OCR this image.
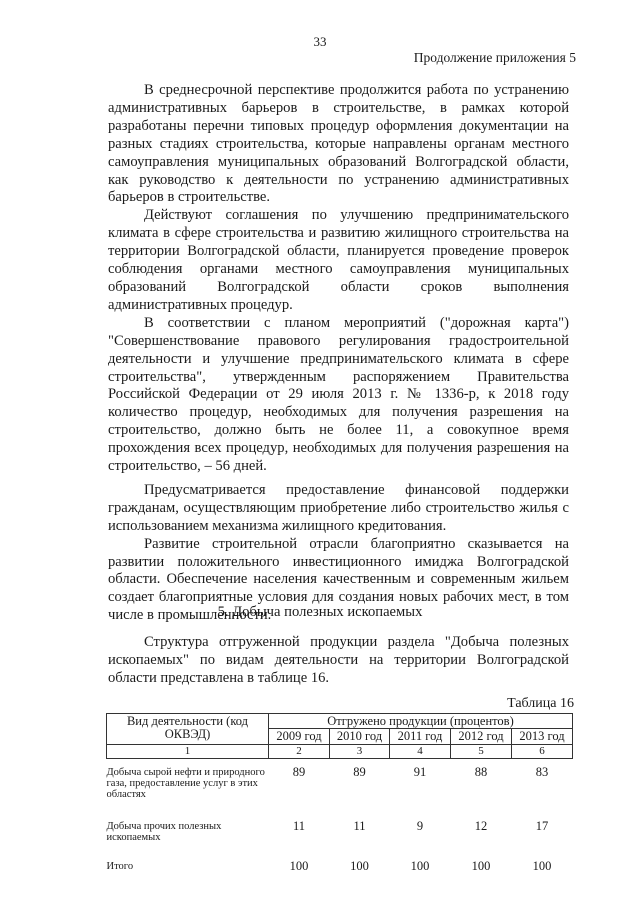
33
Продолжение приложения 5

В среднесрочной перспективе продолжится работа по устранению административных барьеров в строительстве, в рамках которой разработаны перечни типовых процедур оформления документации на разных стадиях строительства, которые направлены органам местного самоуправления муниципальных образований Волгоградской области, как руководство к деятельности по устранению административных барьеров в строительстве.

Действуют соглашения по улучшению предпринимательского климата в сфере строительства и развитию жилищного строительства на территории Волгоградской области, планируется проведение проверок соблюдения органами местного самоуправления муниципальных образований Волгоградской области сроков выполнения административных процедур.

В соответствии с планом мероприятий ("дорожная карта") "Совершенствование правового регулирования градостроительной деятельности и улучшение предпринимательского климата в сфере строительства", утвержденным распоряжением Правительства Российской Федерации от 29 июля 2013 г. № 1336-р, к 2018 году количество процедур, необходимых для получения разрешения на строительство, должно быть не более 11, а совокупное время прохождения всех процедур, необходимых для получения разрешения на строительство, – 56 дней.

Предусматривается предоставление финансовой поддержки гражданам, осуществляющим приобретение либо строительство жилья с использованием механизма жилищного кредитования.

Развитие строительной отрасли благоприятно сказывается на развитии положительного инвестиционного имиджа Волгоградской области. Обеспечение населения качественным и современным жильем создает благоприятные условия для создания новых рабочих мест, в том числе в промышленности.

5. Добыча полезных ископаемых

Структура отгруженной продукции раздела "Добыча полезных ископаемых" по видам деятельности на территории Волгоградской области представлена в таблице 16.

Таблица 16
Вид деятельности (код ОКВЭД)	Отгружено продукции (процентов)				
	2009 год	2010 год	2011 год	2012 год	2013 год
1	2	3	4	5	6
Добыча сырой нефти и природного газа, предоставление услуг в этих областях	89	89	91	88	83
Добыча прочих полезных ископаемых	11	11	9	12	17
Итого	100	100	100	100	100
